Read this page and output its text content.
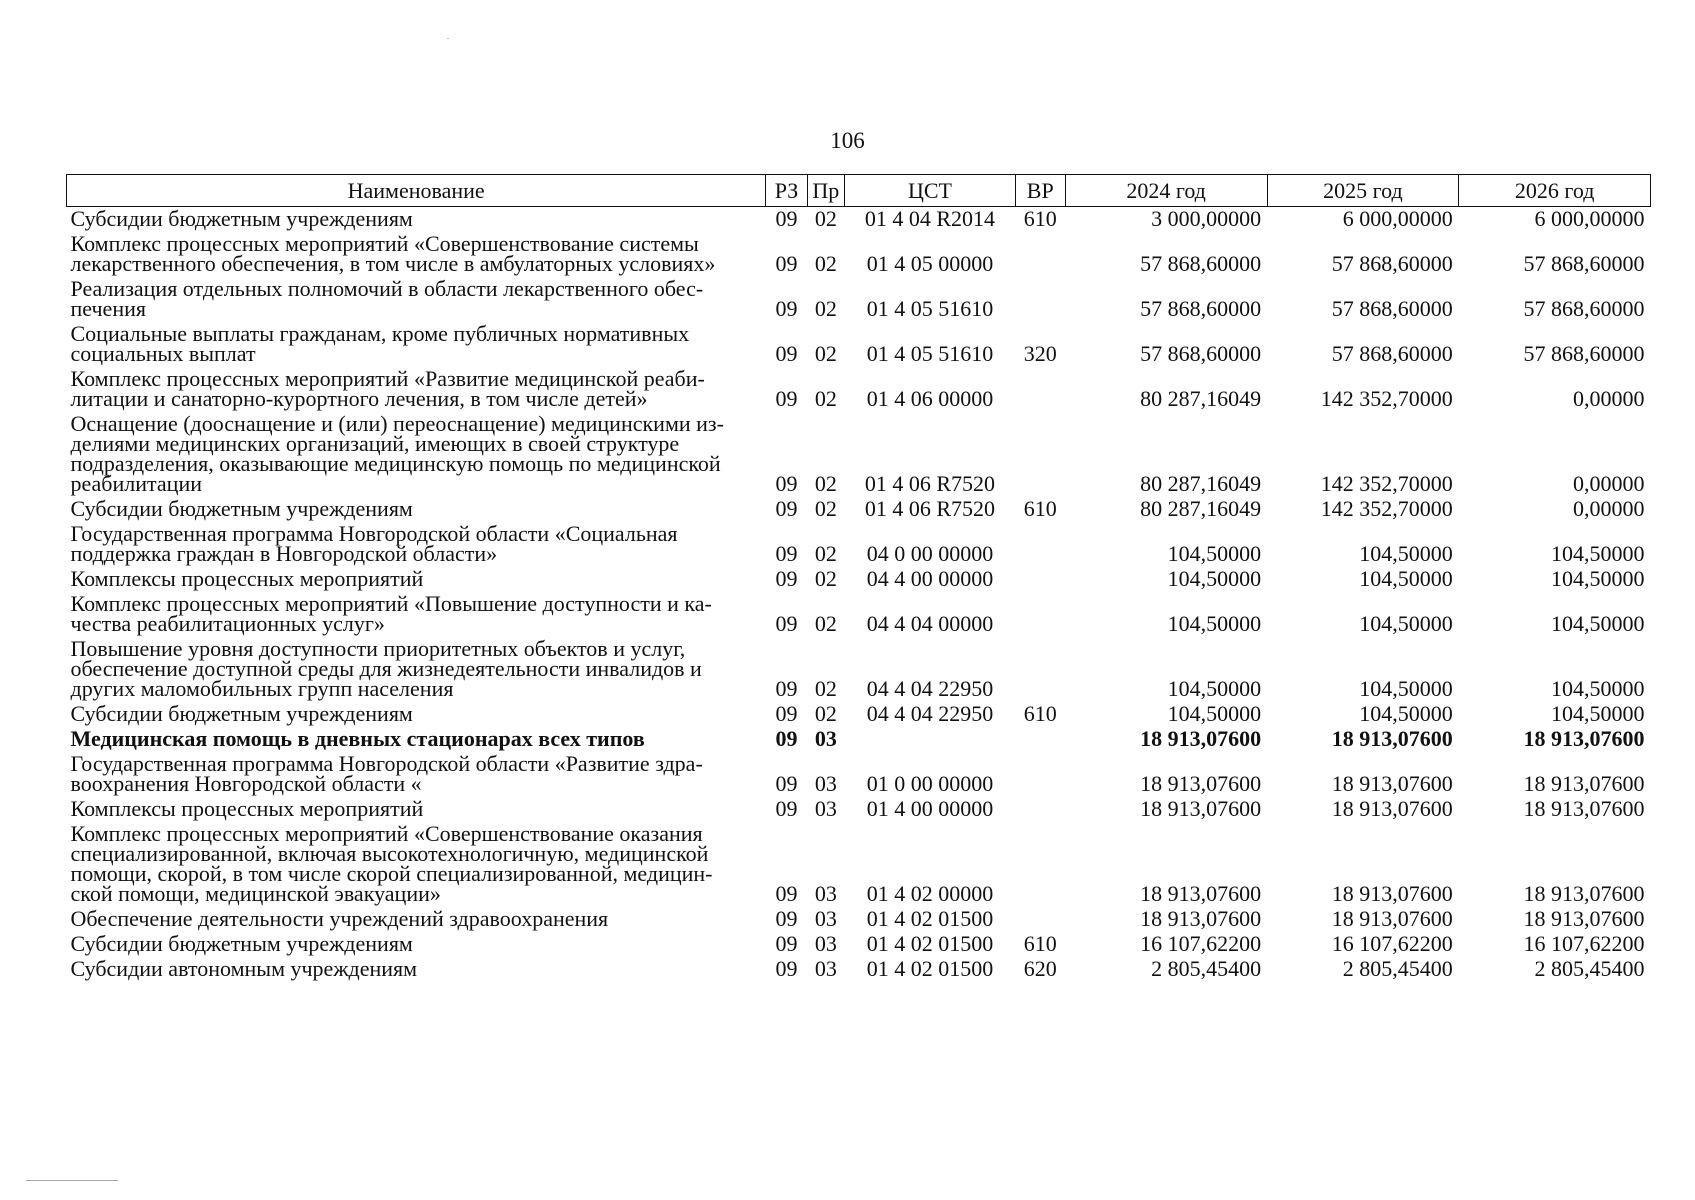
106
Наименование	РЗ	Пр	ЦСТ	ВР	2024 год	2025 год	2026 год
Субсидии бюджетным учреждениям	09	02	01 4 04 R2014	610	3 000,00000	6 000,00000	6 000,00000
Комплекс процессных мероприятий «Совершенствование системы
лекарственного обеспечения, в том числе в амбулаторных условиях»	09	02	01 4 05 00000		57 868,60000	57 868,60000	57 868,60000
Реализация отдельных полномочий в области лекарственного обес-
печения	09	02	01 4 05 51610		57 868,60000	57 868,60000	57 868,60000
Социальные выплаты гражданам, кроме публичных нормативных
социальных выплат	09	02	01 4 05 51610	320	57 868,60000	57 868,60000	57 868,60000
Комплекс процессных мероприятий «Развитие медицинской реаби-
литации и санаторно-курортного лечения, в том числе детей»	09	02	01 4 06 00000		80 287,16049	142 352,70000	0,00000
Оснащение (дооснащение и (или) переоснащение) медицинскими из-
делиями медицинских организаций, имеющих в своей структуре
подразделения, оказывающие медицинскую помощь по медицинской
реабилитации	09	02	01 4 06 R7520		80 287,16049	142 352,70000	0,00000
Субсидии бюджетным учреждениям	09	02	01 4 06 R7520	610	80 287,16049	142 352,70000	0,00000
Государственная программа Новгородской области «Социальная
поддержка граждан в Новгородской области»	09	02	04 0 00 00000		104,50000	104,50000	104,50000
Комплексы процессных мероприятий	09	02	04 4 00 00000		104,50000	104,50000	104,50000
Комплекс процессных мероприятий «Повышение доступности и ка-
чества реабилитационных услуг»	09	02	04 4 04 00000		104,50000	104,50000	104,50000
Повышение уровня доступности приоритетных объектов и услуг,
обеспечение доступной среды для жизнедеятельности инвалидов и
других маломобильных групп населения	09	02	04 4 04 22950		104,50000	104,50000	104,50000
Субсидии бюджетным учреждениям	09	02	04 4 04 22950	610	104,50000	104,50000	104,50000
Медицинская помощь в дневных стационарах всех типов	09	03			18 913,07600	18 913,07600	18 913,07600
Государственная программа Новгородской области «Развитие здра-
воохранения Новгородской области «	09	03	01 0 00 00000		18 913,07600	18 913,07600	18 913,07600
Комплексы процессных мероприятий	09	03	01 4 00 00000		18 913,07600	18 913,07600	18 913,07600
Комплекс процессных мероприятий «Совершенствование оказания
специализированной, включая высокотехнологичную, медицинской
помощи, скорой, в том числе скорой специализированной, медицин-
ской помощи, медицинской эвакуации»	09	03	01 4 02 00000		18 913,07600	18 913,07600	18 913,07600
Обеспечение деятельности учреждений здравоохранения	09	03	01 4 02 01500		18 913,07600	18 913,07600	18 913,07600
Субсидии бюджетным учреждениям	09	03	01 4 02 01500	610	16 107,62200	16 107,62200	16 107,62200
Субсидии автономным учреждениям	09	03	01 4 02 01500	620	2 805,45400	2 805,45400	2 805,45400
